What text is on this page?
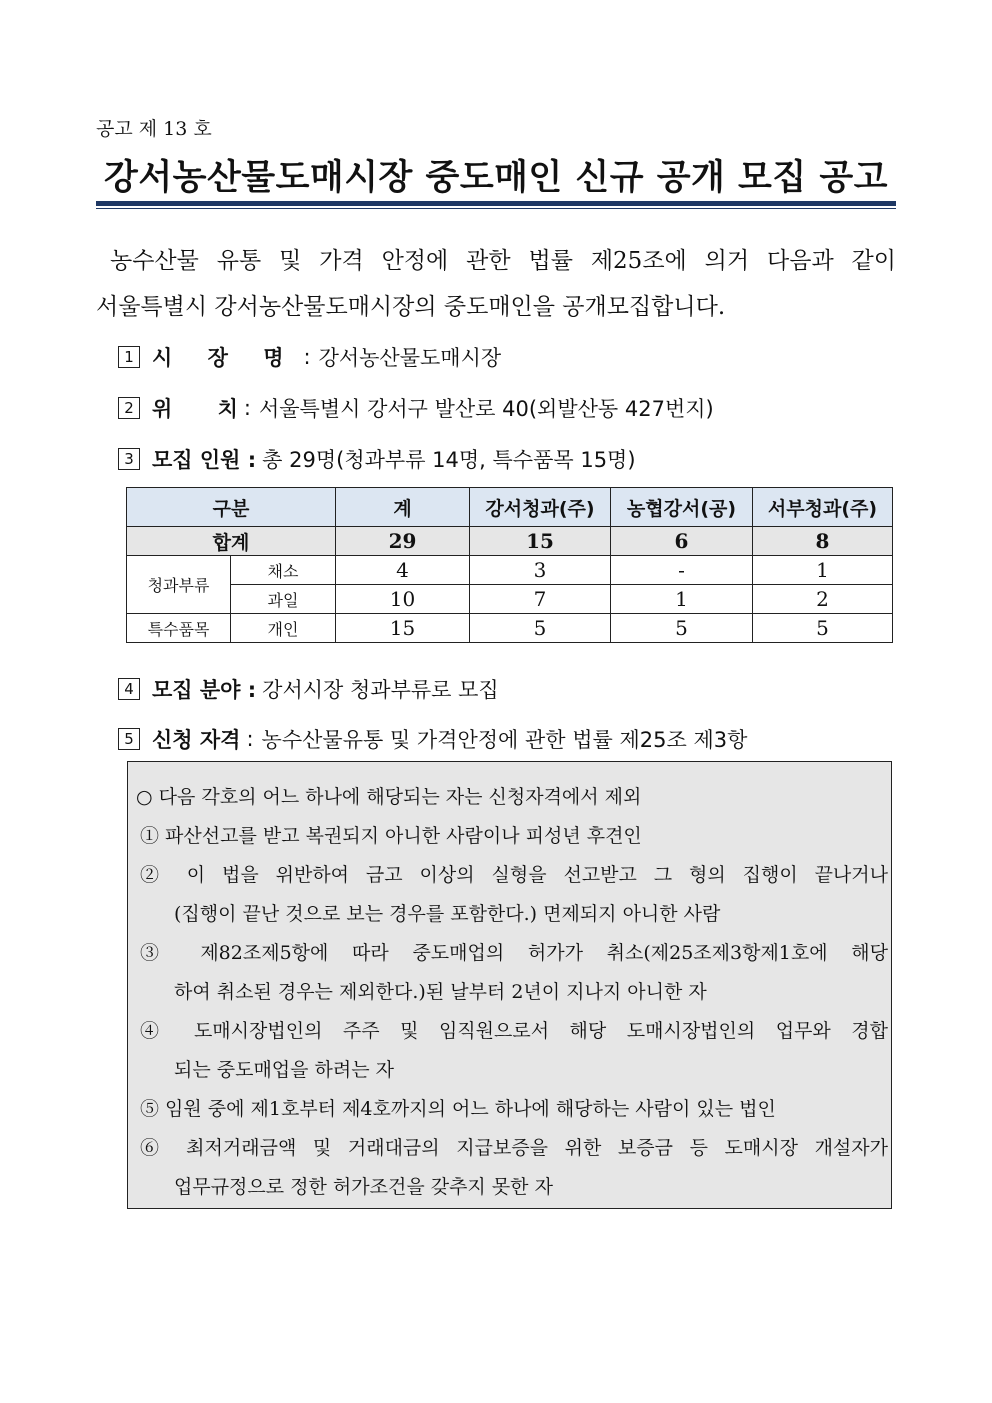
공고 제 13 호
강서농산물도매시장 중도매인 신규 공개 모집 공고
농수산물 유통 및 가격 안정에 관한 법률 제25조에 의거 다음과 같이
서울특별시 강서농산물도매시장의 중도매인을 공개모집합니다.
1 시 장 명 : 강서농산물도매시장
2 위 치 : 서울특별시 강서구 발산로 40(외발산동 427번지)
3 모집 인원 : 총 29명(청과부류 14명, 특수품목 15명)
구분		계	강서청과(주)	농협강서(공)	서부청과(주)
합계		29	15	6	8
청과부류	채소	4	3	-	1
	과일	10	7	1	2
특수품목	개인	15	5	5	5
4 모집 분야 : 강서시장 청과부류로 모집
5 신청 자격 : 농수산물유통 및 가격안정에 관한 법률 제25조 제3항
○ 다음 각호의 어느 하나에 해당되는 자는 신청자격에서 제외
① 파산선고를 받고 복권되지 아니한 사람이나 피성년 후견인
② 이 법을 위반하여 금고 이상의 실형을 선고받고 그 형의 집행이 끝나거나
(집행이 끝난 것으로 보는 경우를 포함한다.) 면제되지 아니한 사람
③ 제82조제5항에 따라 중도매업의 허가가 취소(제25조제3항제1호에 해당
하여 취소된 경우는 제외한다.)된 날부터 2년이 지나지 아니한 자
④ 도매시장법인의 주주 및 임직원으로서 해당 도매시장법인의 업무와 경합
되는 중도매업을 하려는 자
⑤ 임원 중에 제1호부터 제4호까지의 어느 하나에 해당하는 사람이 있는 법인
⑥ 최저거래금액 및 거래대금의 지급보증을 위한 보증금 등 도매시장 개설자가
업무규정으로 정한 허가조건을 갖추지 못한 자
